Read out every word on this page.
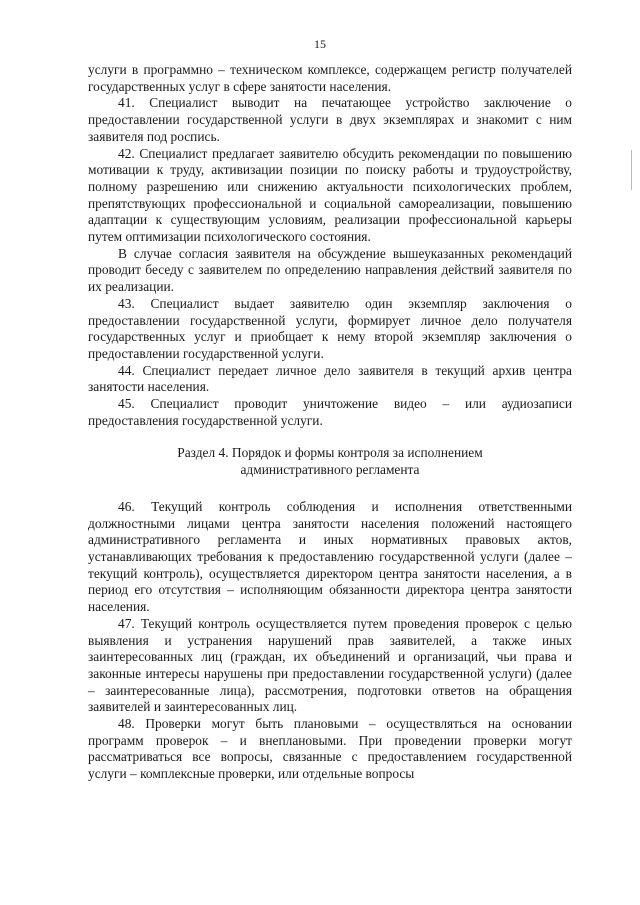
15

услуги в программно – техническом комплексе, содержащем регистр получателей государственных услуг в сфере занятости населения.

41. Специалист выводит на печатающее устройство заключение о предоставлении государственной услуги в двух экземплярах и знакомит с ним заявителя под роспись.

42. Специалист предлагает заявителю обсудить рекомендации по повышению мотивации к труду, активизации позиции по поиску работы и трудоустройству, полному разрешению или снижению актуальности психологических проблем, препятствующих профессиональной и социальной самореализации, повышению адаптации к существующим условиям, реализации профессиональной карьеры путем оптимизации психологического состояния.

В случае согласия заявителя на обсуждение вышеуказанных рекомендаций проводит беседу с заявителем по определению направления действий заявителя по их реализации.

43. Специалист выдает заявителю один экземпляр заключения о предоставлении государственной услуги, формирует личное дело получателя государственных услуг и приобщает к нему второй экземпляр заключения о предоставлении государственной услуги.

44. Специалист передает личное дело заявителя в текущий архив центра занятости населения.

45. Специалист проводит уничтожение видео – или аудиозаписи предоставления государственной услуги.

Раздел 4. Порядок и формы контроля за исполнением
административного регламента

46. Текущий контроль соблюдения и исполнения ответственными должностными лицами центра занятости населения положений настоящего административного регламента и иных нормативных правовых актов, устанавливающих требования к предоставлению государственной услуги (далее – текущий контроль), осуществляется директором центра занятости населения, а в период его отсутствия – исполняющим обязанности директора центра занятости населения.

47. Текущий контроль осуществляется путем проведения проверок с целью выявления и устранения нарушений прав заявителей, а также иных заинтересованных лиц (граждан, их объединений и организаций, чьи права и законные интересы нарушены при предоставлении государственной услуги) (далее – заинтересованные лица), рассмотрения, подготовки ответов на обращения заявителей и заинтересованных лиц.

48. Проверки могут быть плановыми – осуществляться на основании программ проверок – и внеплановыми. При проведении проверки могут рассматриваться все вопросы, связанные с предоставлением государственной услуги – комплексные проверки, или отдельные вопросы
